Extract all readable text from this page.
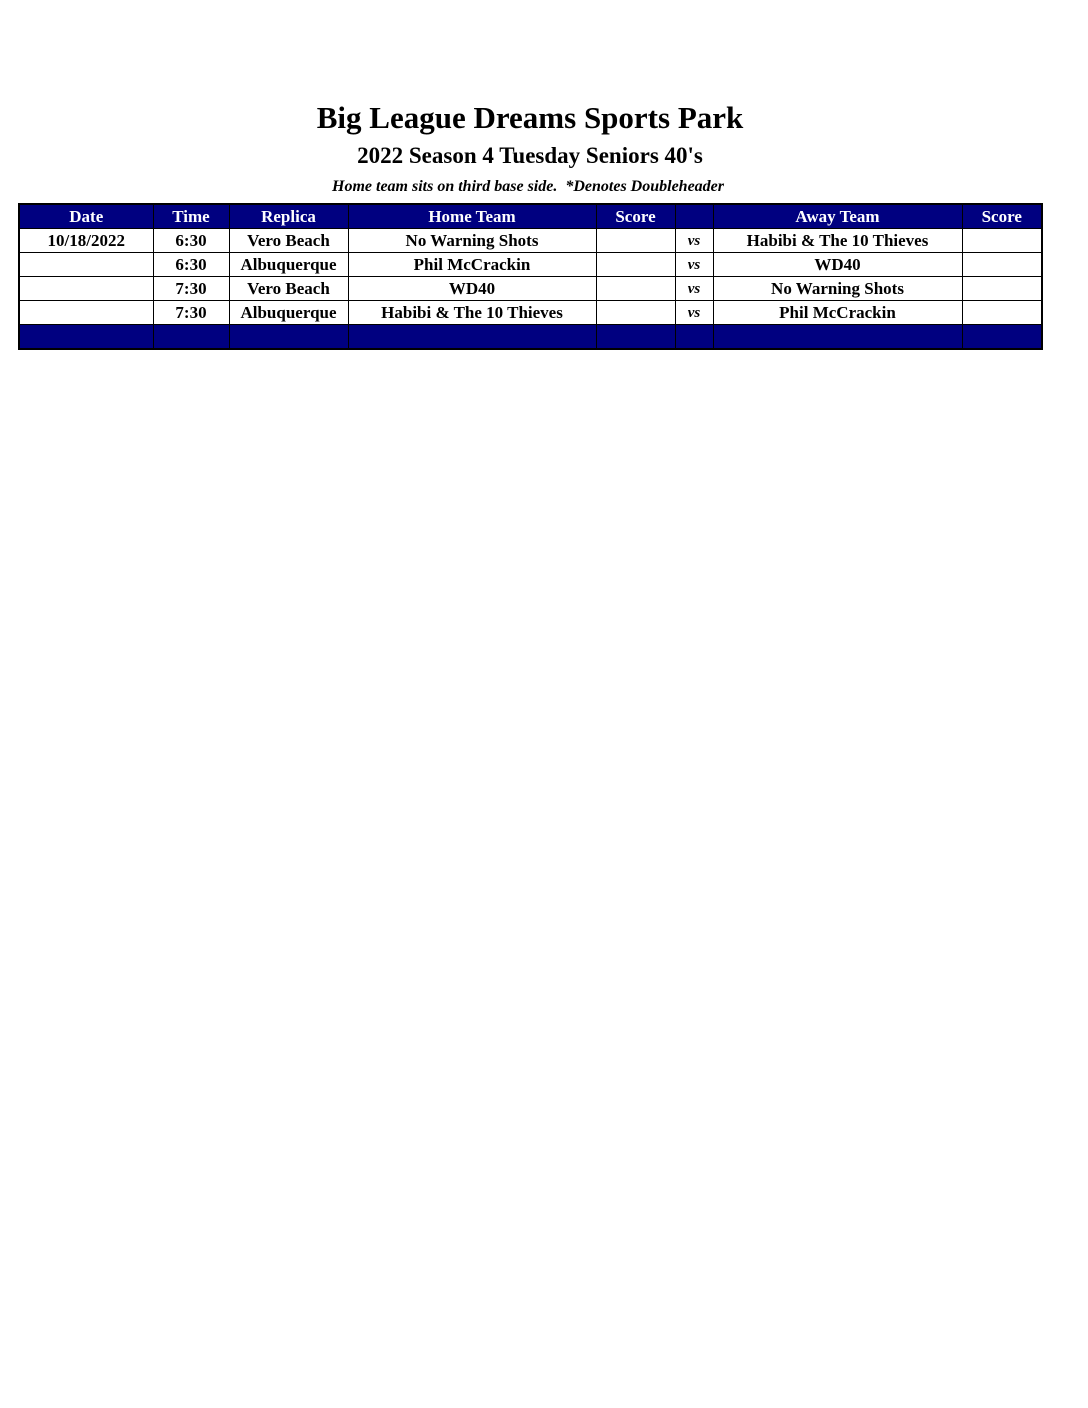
Big League Dreams Sports Park
2022 Season 4 Tuesday Seniors 40's
Home team sits on third base side.  *Denotes Doubleheader
Date	Time	Replica	Home Team	Score		Away Team	Score
10/18/2022	6:30	Vero Beach	No Warning Shots		vs	Habibi & The 10 Thieves	
	6:30	Albuquerque	Phil McCrackin		vs	WD40	
	7:30	Vero Beach	WD40		vs	No Warning Shots	
	7:30	Albuquerque	Habibi & The 10 Thieves		vs	Phil McCrackin	
